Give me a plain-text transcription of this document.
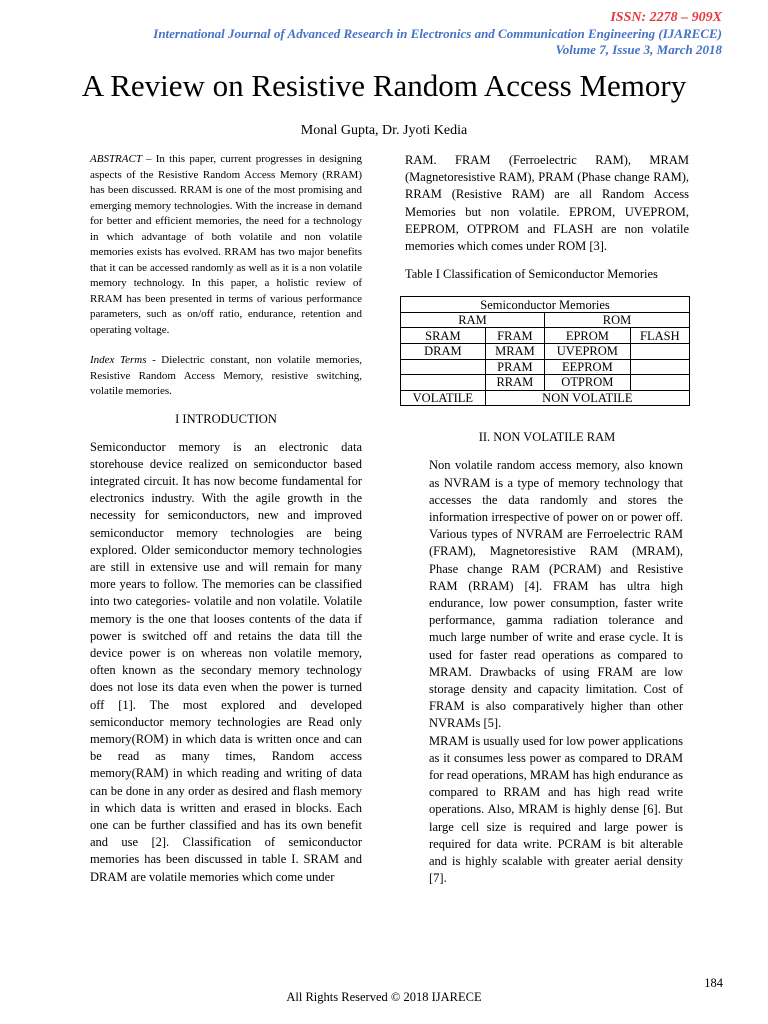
ISSN: 2278 – 909X
International Journal of Advanced Research in Electronics and Communication Engineering (IJARECE)
Volume 7, Issue 3, March 2018
A Review on Resistive Random Access Memory
Monal Gupta, Dr. Jyoti Kedia

ABSTRACT – In this paper, current progresses in designing aspects of the Resistive Random Access Memory (RRAM) has been discussed. RRAM is one of the most promising and emerging memory technologies. With the increase in demand for better and efficient memories, the need for a technology in which advantage of both volatile and non volatile memories exists has evolved. RRAM has two major benefits that it can be accessed randomly as well as it is a non volatile memory technology. In this paper, a holistic review of RRAM has been presented in terms of various performance parameters, such as on/off ratio, endurance, retention and operating voltage.

Index Terms - Dielectric constant, non volatile memories, Resistive Random Access Memory, resistive switching, volatile memories.

I INTRODUCTION

Semiconductor memory is an electronic data storehouse device realized on semiconductor based integrated circuit. It has now become fundamental for electronics industry. With the agile growth in the necessity for semiconductors, new and improved semiconductor memory technologies are being explored. Older semiconductor memory technologies are still in extensive use and will remain for many more years to follow. The memories can be classified into two categories- volatile and non volatile. Volatile memory is the one that looses contents of the data if power is switched off and retains the data till the device power is on whereas non volatile memory, often known as the secondary memory technology does not lose its data even when the power is turned off [1]. The most explored and developed semiconductor memory technologies are Read only memory(ROM) in which data is written once and can be read as many times, Random access memory(RAM) in which reading and writing of data can be done in any order as desired and flash memory in which data is written and erased in blocks. Each one can be further classified and has its own benefit and use [2]. Classification of semiconductor memories has been discussed in table I. SRAM and DRAM are volatile memories which come under

RAM. FRAM (Ferroelectric RAM), MRAM (Magnetoresistive RAM), PRAM (Phase change RAM), RRAM (Resistive RAM) are all Random Access Memories but non volatile. EPROM, UVEPROM, EEPROM, OTPROM and FLASH are non volatile memories which comes under ROM [3].

Table I Classification of Semiconductor Memories

Semiconductor Memories			
RAM		ROM	
SRAM	FRAM	EPROM	FLASH
DRAM	MRAM	UVEPROM	
	PRAM	EEPROM	
	RRAM	OTPROM	
VOLATILE	NON VOLATILE		

II. NON VOLATILE RAM

Non volatile random access memory, also known as NVRAM is a type of memory technology that accesses the data randomly and stores the information irrespective of power on or power off. Various types of NVRAM are Ferroelectric RAM (FRAM), Magnetoresistive RAM (MRAM), Phase change RAM (PCRAM) and Resistive RAM (RRAM) [4]. FRAM has ultra high endurance, low power consumption, faster write performance, gamma radiation tolerance and much large number of write and erase cycle. It is used for faster read operations as compared to MRAM. Drawbacks of using FRAM are low storage density and capacity limitation. Cost of FRAM is also comparatively higher than other NVRAMs [5].

MRAM is usually used for low power applications as it consumes less power as compared to DRAM for read operations, MRAM has high endurance as compared to RRAM and has high read write operations. Also, MRAM is highly dense [6]. But large cell size is required and large power is required for data write. PCRAM is bit alterable and is highly scalable with greater aerial density [7].

184
All Rights Reserved © 2018 IJARECE
